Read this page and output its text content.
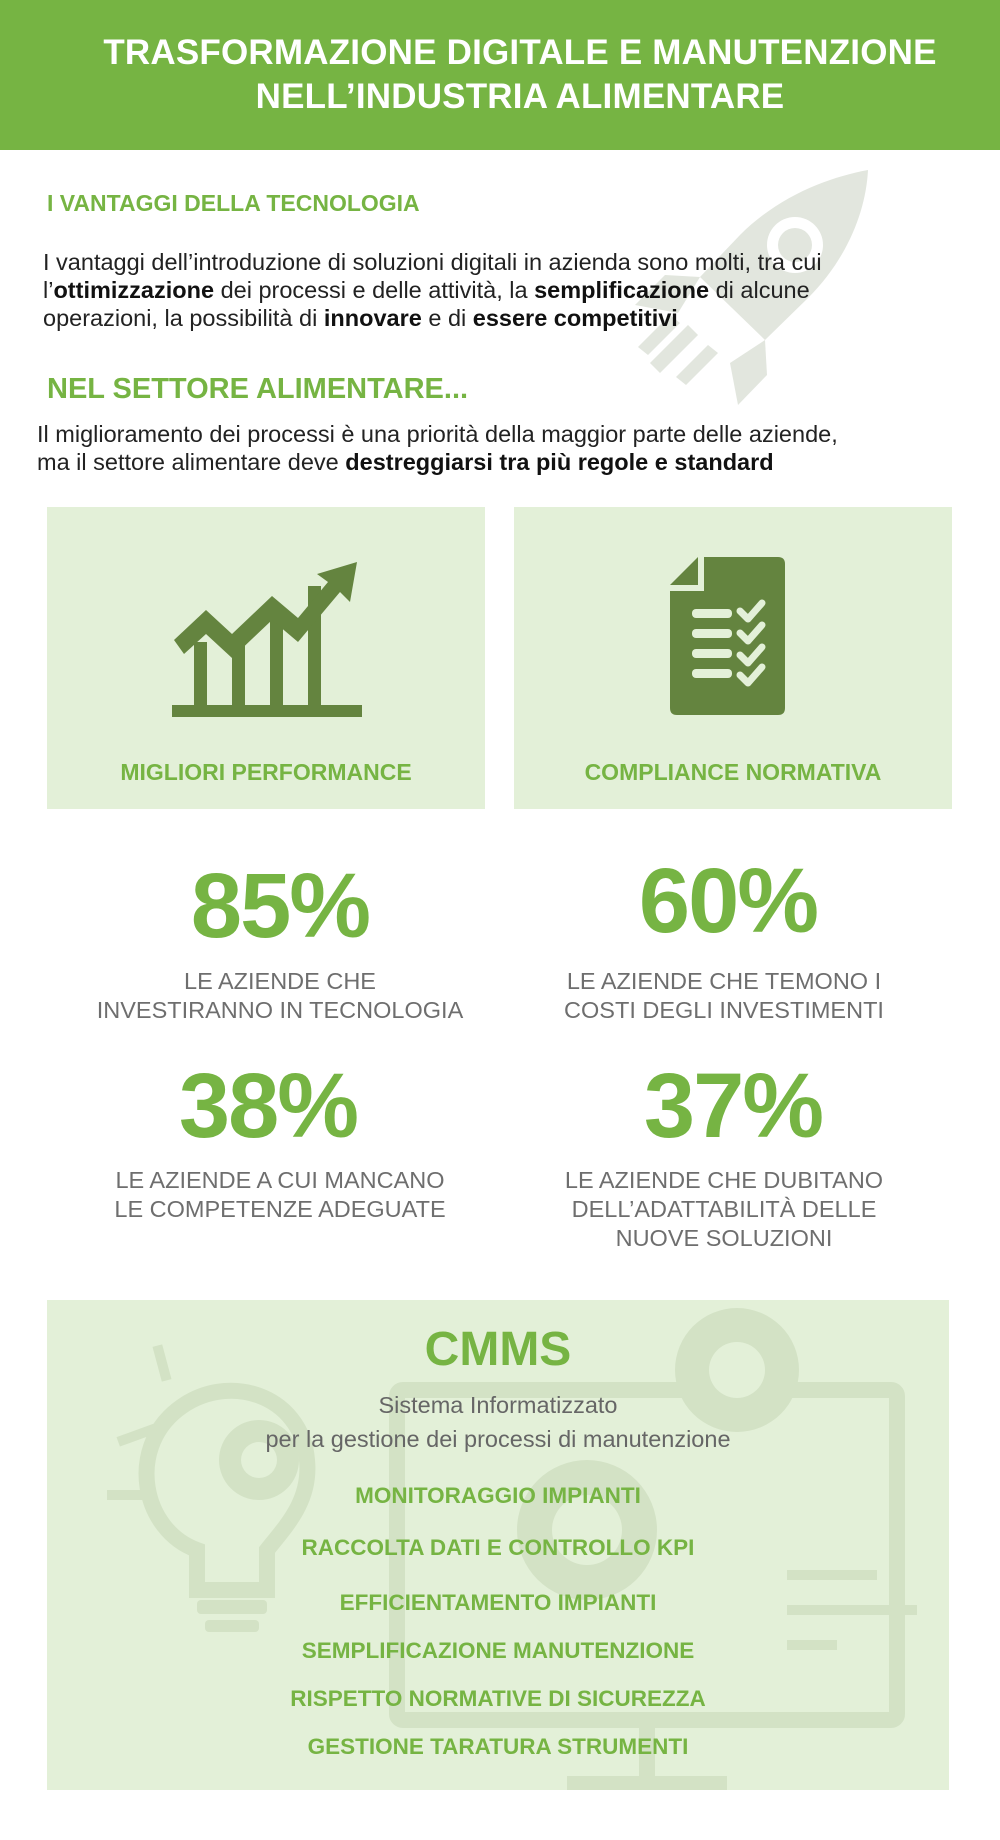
TRASFORMAZIONE DIGITALE E MANUTENZIONE
NELL’INDUSTRIA ALIMENTARE
I VANTAGGI DELLA TECNOLOGIA
I vantaggi dell’introduzione di soluzioni digitali in azienda sono molti, tra cui
l’ottimizzazione dei processi e delle attività, la semplificazione di alcune
operazioni, la possibilità di innovare e di essere competitivi
NEL SETTORE ALIMENTARE...
Il miglioramento dei processi è una priorità della maggior parte delle aziende,
ma il settore alimentare deve destreggiarsi tra più regole e standard
MIGLIORI PERFORMANCE	COMPLIANCE NORMATIVA
85%
LE AZIENDE CHE
INVESTIRANNO IN TECNOLOGIA
60%
LE AZIENDE CHE TEMONO I
COSTI DEGLI INVESTIMENTI
38%
LE AZIENDE A CUI MANCANO
LE COMPETENZE ADEGUATE
37%
LE AZIENDE CHE DUBITANO
DELL’ADATTABILITÀ DELLE
NUOVE SOLUZIONI
CMMS
Sistema Informatizzato
per la gestione dei processi di manutenzione
MONITORAGGIO IMPIANTI
RACCOLTA DATI E CONTROLLO KPI
EFFICIENTAMENTO IMPIANTI
SEMPLIFICAZIONE MANUTENZIONE
RISPETTO NORMATIVE DI SICUREZZA
GESTIONE TARATURA STRUMENTI
